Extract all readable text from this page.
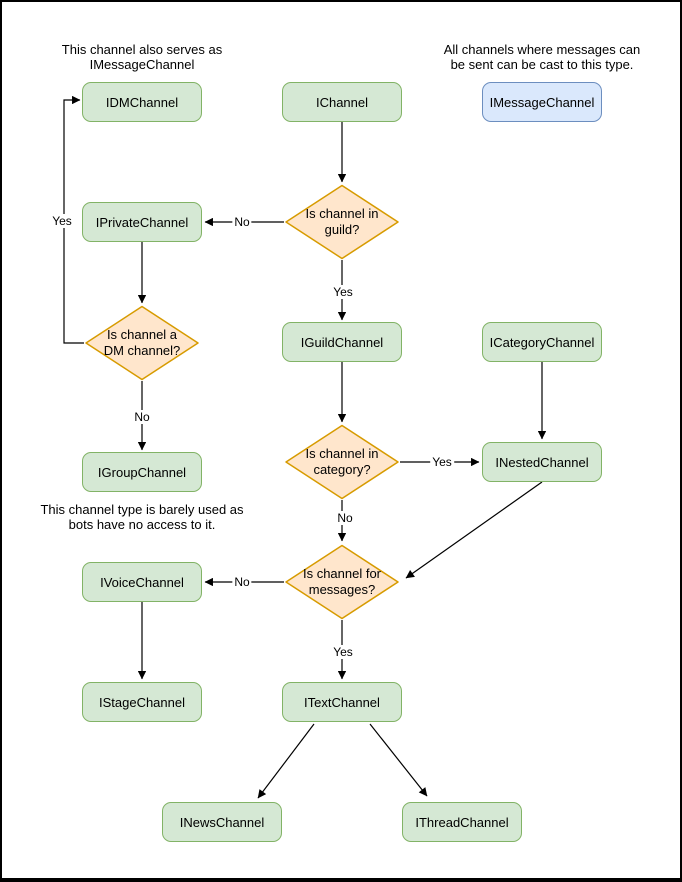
This channel also serves as
IMessageChannel
All channels where messages can
be sent can be cast to this type.
This channel type is barely used as
bots have no access to it.
IDMChannel	IChannel	IMessageChannel
IPrivateChannel
IGuildChannel	ICategoryChannel
INestedChannel
IGroupChannel
IVoiceChannel
IStageChannel	ITextChannel
INewsChannel	IThreadChannel
Is channel in
guild?
Is channel a
DM channel?
Is channel in
category?
Is channel for
messages?
No
Yes
Yes
No
Yes
No
No
Yes
